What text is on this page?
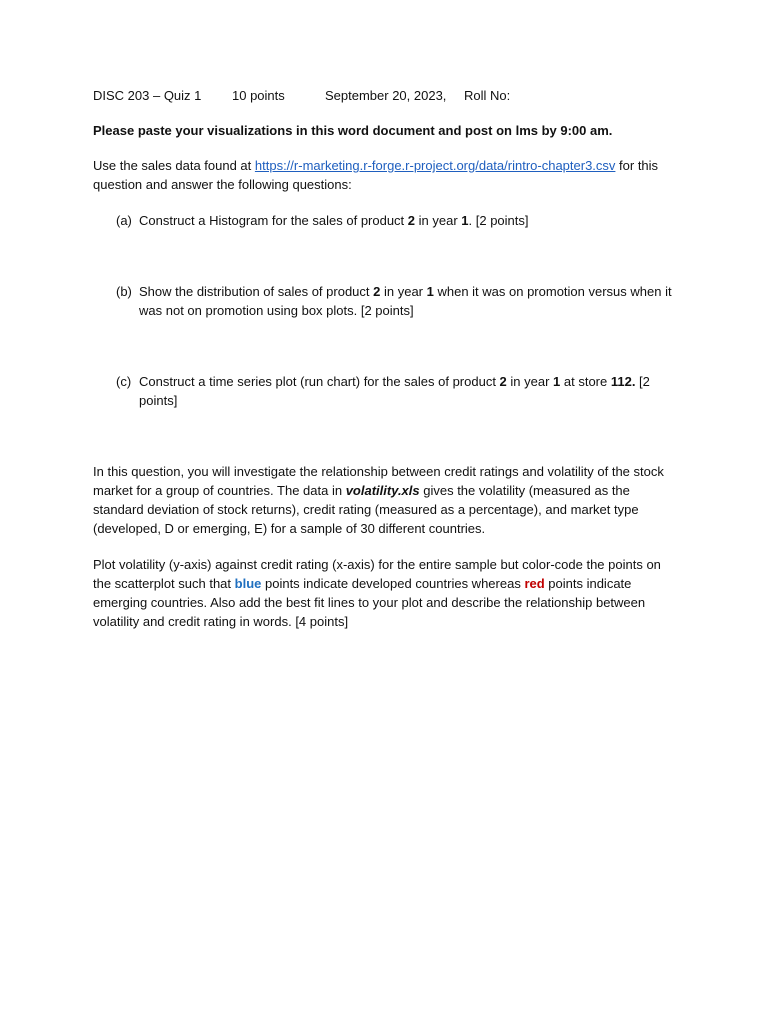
DISC 203 – Quiz 1 10 points	September 20, 2023, Roll No:
Please paste your visualizations in this word document and post on lms by 9:00 am.
Use the sales data found at https://r-marketing.r-forge.r-project.org/data/rintro-chapter3.csv for this question and answer the following questions:
(a) Construct a Histogram for the sales of product 2 in year 1. [2 points]
(b) Show the distribution of sales of product 2 in year 1 when it was on promotion versus when it was not on promotion using box plots. [2 points]
(c) Construct a time series plot (run chart) for the sales of product 2 in year 1 at store 112. [2 points]
In this question, you will investigate the relationship between credit ratings and volatility of the stock market for a group of countries. The data in volatility.xls gives the volatility (measured as the standard deviation of stock returns), credit rating (measured as a percentage), and market type (developed, D or emerging, E) for a sample of 30 different countries.
Plot volatility (y-axis) against credit rating (x-axis) for the entire sample but color-code the points on the scatterplot such that blue points indicate developed countries whereas red points indicate emerging countries. Also add the best fit lines to your plot and describe the relationship between volatility and credit rating in words. [4 points]
